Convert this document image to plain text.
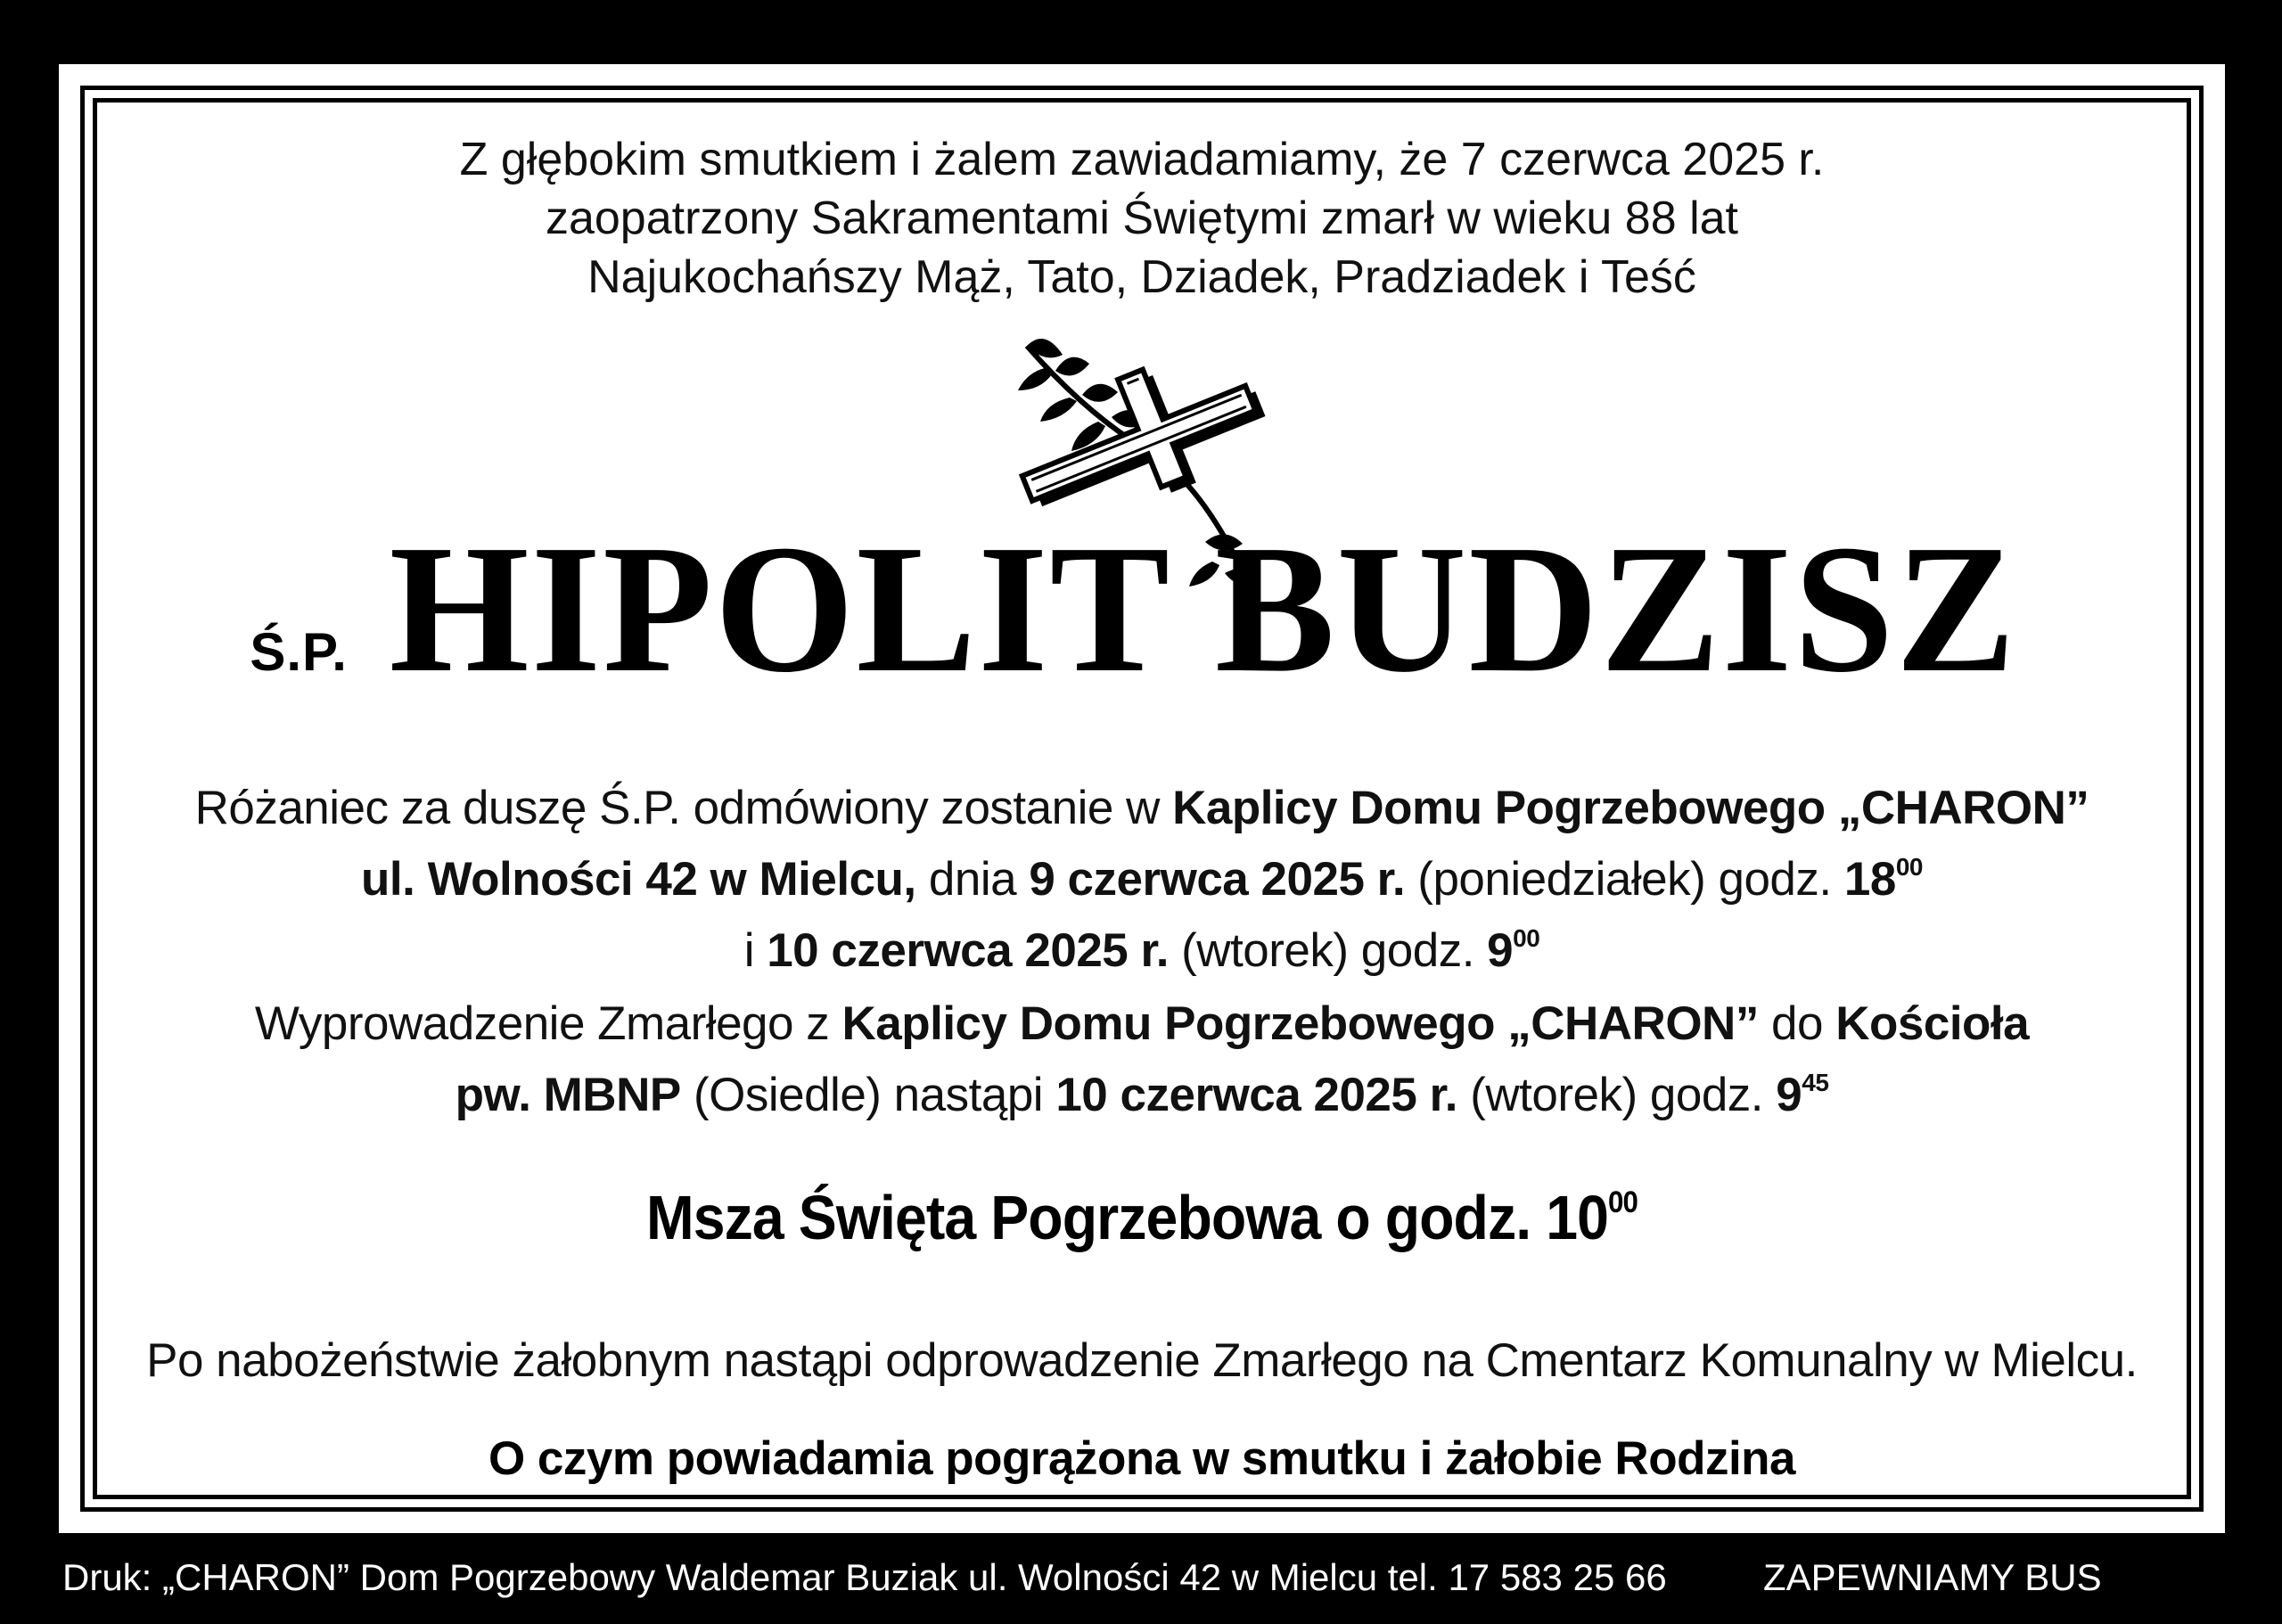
Z głębokim smutkiem i żalem zawiadamiamy, że 7 czerwca 2025 r.
zaopatrzony Sakramentami Świętymi zmarł w wieku 88 lat
Najukochańszy Mąż, Tato, Dziadek, Pradziadek i Teść
Ś.P. HIPOLIT BUDZISZ
Różaniec za duszę Ś.P. odmówiony zostanie w Kaplicy Domu Pogrzebowego „CHARON”
ul. Wolności 42 w Mielcu, dnia 9 czerwca 2025 r. (poniedziałek) godz. $18^{00}$
i 10 czerwca 2025 r. (wtorek) godz. $9^{00}$
Wyprowadzenie Zmarłego z Kaplicy Domu Pogrzebowego „CHARON” do Kościoła
pw. MBNP (Osiedle) nastąpi 10 czerwca 2025 r. (wtorek) godz. $9^{45}$
Msza Święta Pogrzebowa o godz. $10^{00}$
Po nabożeństwie żałobnym nastąpi odprowadzenie Zmarłego na Cmentarz Komunalny w Mielcu.
O czym powiadamia pogrążona w smutku i żałobie Rodzina
Druk: „CHARON” Dom Pogrzebowy Waldemar Buziak ul. Wolności 42 w Mielcu tel. 17 583 25 66	ZAPEWNIAMY BUS
